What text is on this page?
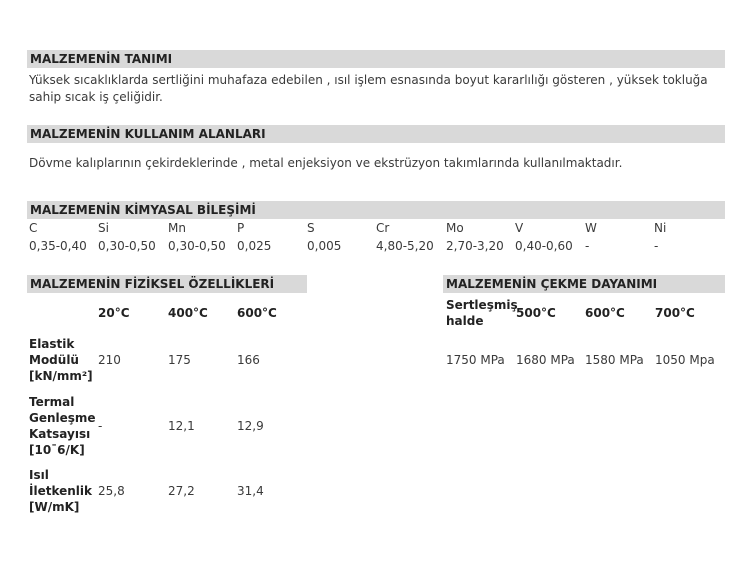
MALZEMENİN TANIMI
Yüksek sıcaklıklarda sertliğini muhafaza edebilen , ısıl işlem esnasında boyut kararlılığı gösteren , yüksek tokluğa
sahip sıcak iş çeliğidir.
MALZEMENİN KULLANIM ALANLARI
Dövme kalıplarının çekirdeklerinde , metal enjeksiyon ve ekstrüzyon takımlarında kullanılmaktadır.
MALZEMENİN KİMYASAL BİLEŞİMİ
C	Si	Mn	P	S	Cr	Mo	V	W	Ni
0,35-0,40 0,30-0,50 0,30-0,50 0,025	0,005	4,80-5,20 2,70-3,20 0,40-0,60 -	-
MALZEMENİN FİZİKSEL ÖZELLİKLERİ
20°C	400°C 600°C
Elastik
Modülü
[kN/mm²]
210	175	166
Termal
Genleşme
Katsayısı
[10¯6/K]
-	12,1	12,9
Isıl
İletkenlik
[W/mK]
25,8	27,2	31,4
MALZEMENİN ÇEKME DAYANIMI
Sertleşmiş
halde
500°C 600°C	700°C
1750 MPa 1680 MPa 1580 MPa 1050 Mpa
